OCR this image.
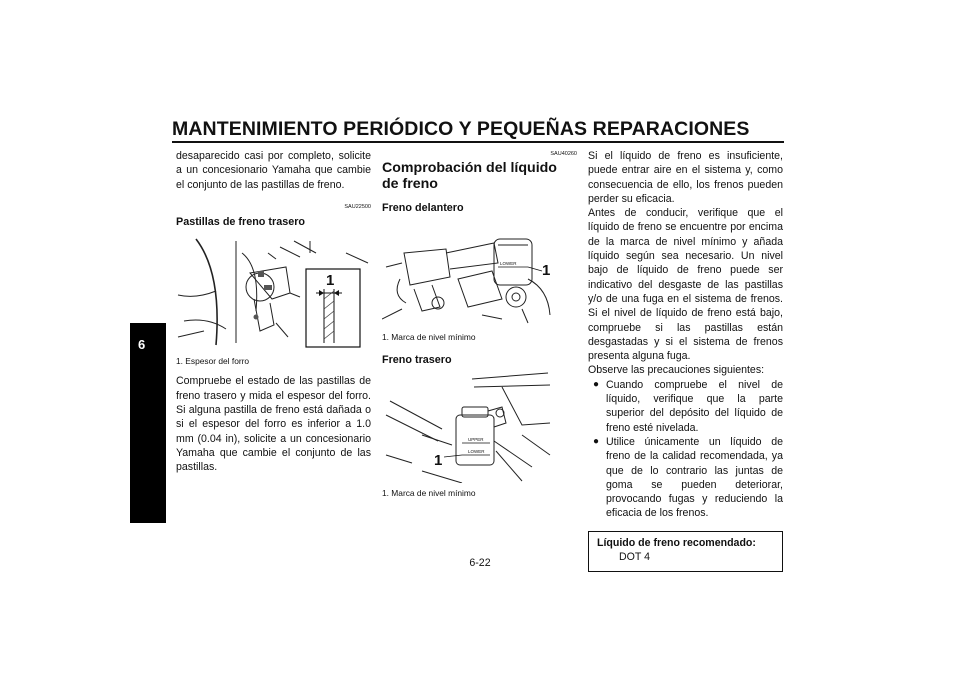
MANTENIMIENTO PERIÓDICO Y PEQUEÑAS REPARACIONES
6

desaparecido casi por completo, solicite a un concesionario Yamaha que cambie el conjunto de las pastillas de freno.

SAU22500
Pastillas de freno trasero
1
1. Espesor del forro

Compruebe el estado de las pastillas de freno trasero y mida el espesor del forro. Si alguna pastilla de freno está dañada o si el espesor del forro es inferior a 1.0 mm (0.04 in), solicite a un concesionario Yamaha que cambie el conjunto de las pastillas.

SAU40260
Comprobación del líquido de freno
Freno delantero
LOWER 1
1. Marca de nivel mínimo
Freno trasero
UPPER
LOWER
1
1. Marca de nivel mínimo

Si el líquido de freno es insuficiente, puede entrar aire en el sistema y, como consecuencia de ello, los frenos pueden perder su eficacia.

Antes de conducir, verifique que el líquido de freno se encuentre por encima de la marca de nivel mínimo y añada líquido según sea necesario. Un nivel bajo de líquido de freno puede ser indicativo del desgaste de las pastillas y/o de una fuga en el sistema de frenos. Si el nivel de líquido de freno está bajo, compruebe si las pastillas están desgastadas y si el sistema de frenos presenta alguna fuga.

Observe las precauciones siguientes:

● Cuando compruebe el nivel de líquido, verifique que la parte superior del depósito del líquido de freno esté nivelada.
● Utilice únicamente un líquido de freno de la calidad recomendada, ya que de lo contrario las juntas de goma se pueden deteriorar, provocando fugas y reduciendo la eficacia de los frenos.
Líquido de freno recomendado:
DOT 4
6-22
